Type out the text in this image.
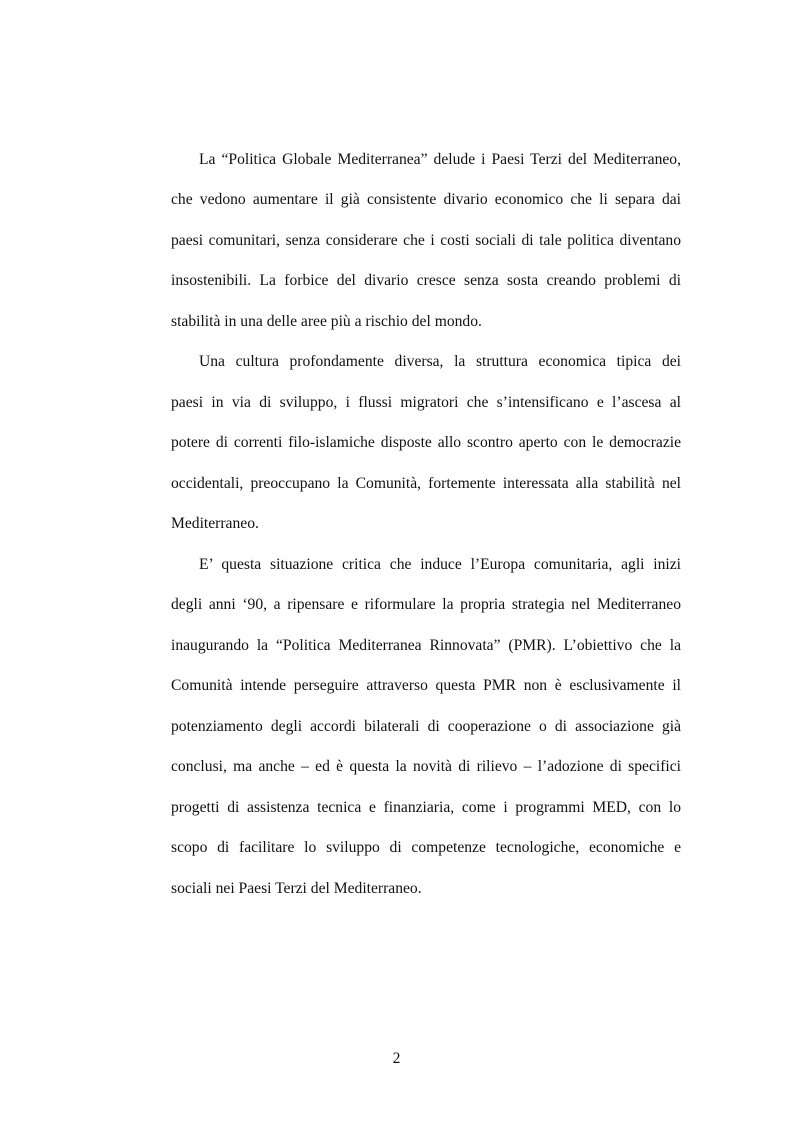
La “Politica Globale Mediterranea” delude i Paesi Terzi del Mediterraneo,
che vedono aumentare il già consistente divario economico che li separa dai
paesi comunitari, senza considerare che i costi sociali di tale politica diventano
insostenibili. La forbice del divario cresce senza sosta creando problemi di
stabilità in una delle aree più a rischio del mondo.
Una cultura profondamente diversa, la struttura economica tipica dei
paesi in via di sviluppo, i flussi migratori che s’intensificano e l’ascesa al
potere di correnti filo-islamiche disposte allo scontro aperto con le democrazie
occidentali, preoccupano la Comunità, fortemente interessata alla stabilità nel
Mediterraneo.
E’ questa situazione critica che induce l’Europa comunitaria, agli inizi
degli anni ‘90, a ripensare e riformulare la propria strategia nel Mediterraneo
inaugurando la “Politica Mediterranea Rinnovata” (PMR). L’obiettivo che la
Comunità intende perseguire attraverso questa PMR non è esclusivamente il
potenziamento degli accordi bilaterali di cooperazione o di associazione già
conclusi, ma anche – ed è questa la novità di rilievo – l’adozione di specifici
progetti di assistenza tecnica e finanziaria, come i programmi MED, con lo
scopo di facilitare lo sviluppo di competenze tecnologiche, economiche e
sociali nei Paesi Terzi del Mediterraneo.
2
